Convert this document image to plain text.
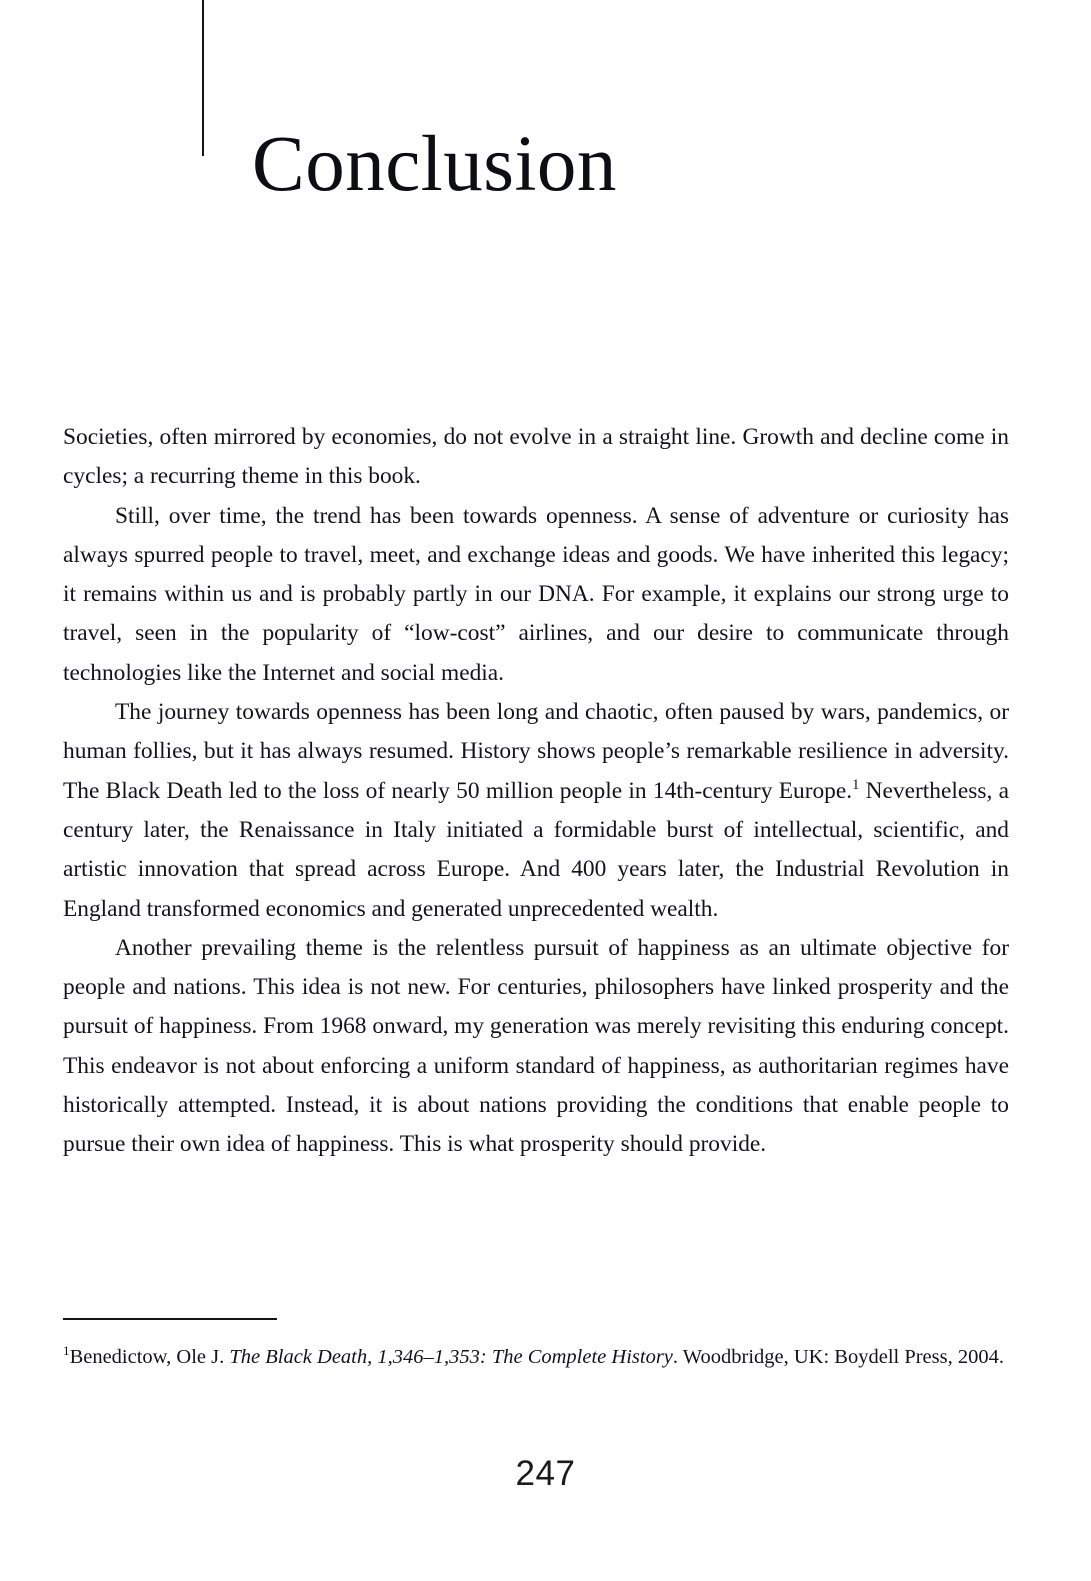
Conclusion

Societies, often mirrored by economies, do not evolve in a straight line. Growth and decline come in cycles; a recurring theme in this book.

Still, over time, the trend has been towards openness. A sense of adventure or curiosity has always spurred people to travel, meet, and exchange ideas and goods. We have inherited this legacy; it remains within us and is probably partly in our DNA. For example, it explains our strong urge to travel, seen in the popularity of “low-cost” airlines, and our desire to communicate through technologies like the Internet and social media.

The journey towards openness has been long and chaotic, often paused by wars, pandemics, or human follies, but it has always resumed. History shows people’s remarkable resilience in adversity. The Black Death led to the loss of nearly 50 million people in 14th-century Europe.$^1$ Nevertheless, a century later, the Renaissance in Italy initiated a formidable burst of intellectual, scientific, and artistic innovation that spread across Europe. And 400 years later, the Industrial Revolution in England transformed economics and generated unprecedented wealth.

Another prevailing theme is the relentless pursuit of happiness as an ultimate objective for people and nations. This idea is not new. For centuries, philosophers have linked prosperity and the pursuit of happiness. From 1968 onward, my generation was merely revisiting this enduring concept. This endeavor is not about enforcing a uniform standard of happiness, as authoritarian regimes have historically attempted. Instead, it is about nations providing the conditions that enable people to pursue their own idea of happiness. This is what prosperity should provide.

$^1$Benedictow, Ole J. The Black Death, 1,346–1,353: The Complete History. Woodbridge, UK: Boydell Press, 2004.

247
